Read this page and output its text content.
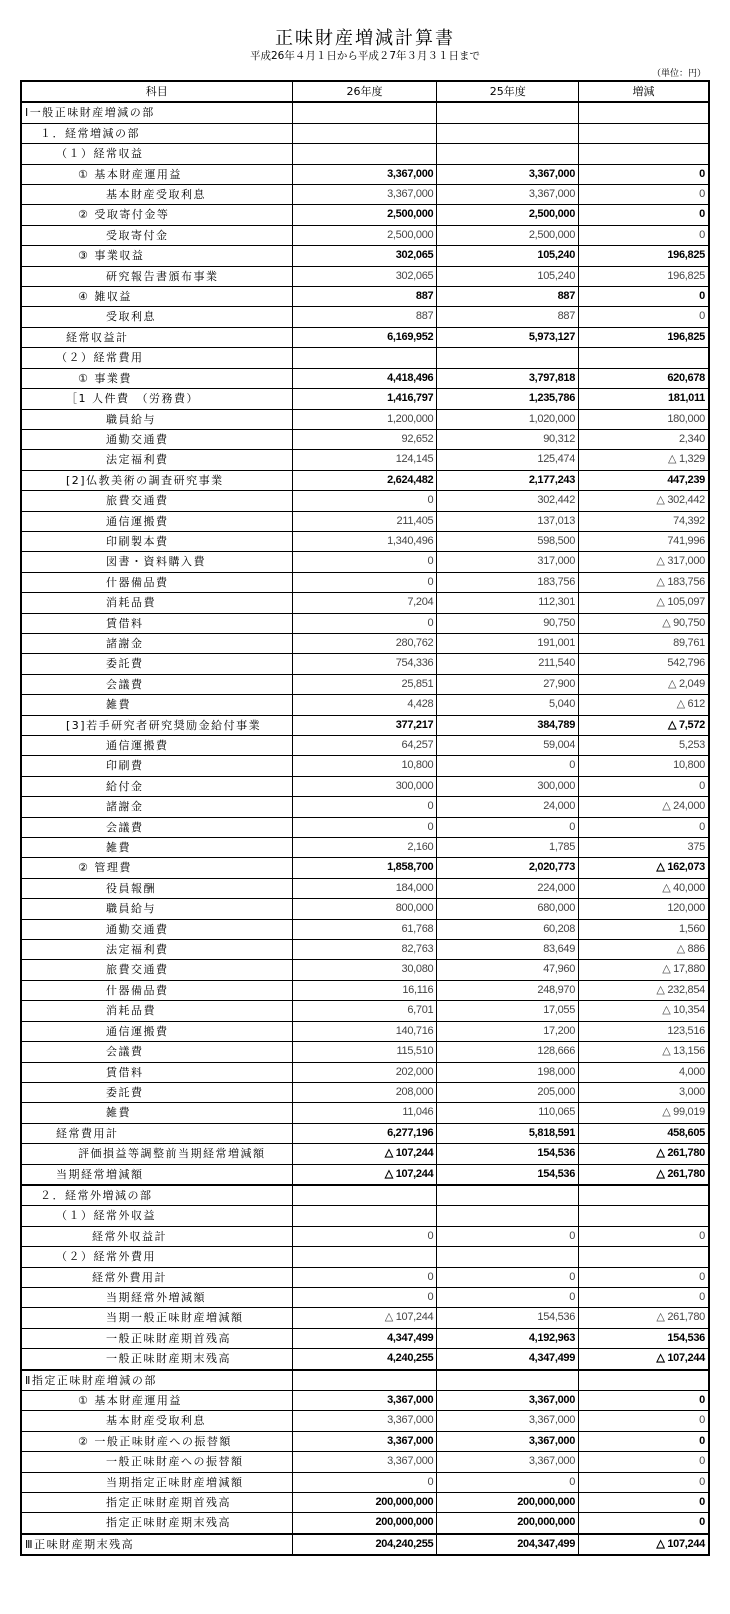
正味財産増減計算書
平成26年４月１日から平成２7年３月３１日まで
（単位：円）
科目	26年度	25年度	増減
Ⅰ一般正味財産増減の部			
１．経常増減の部			
（１）経常収益			
① 基本財産運用益	3,367,000	3,367,000	0
基本財産受取利息	3,367,000	3,367,000	0
② 受取寄付金等	2,500,000	2,500,000	0
受取寄付金	2,500,000	2,500,000	0
③ 事業収益	302,065	105,240	196,825
研究報告書頒布事業	302,065	105,240	196,825
④ 雑収益	887	887	0
受取利息	887	887	0
経常収益計	6,169,952	5,973,127	196,825
（２）経常費用			
① 事業費	4,418,496	3,797,818	620,678
［1 人件費　（労務費）	1,416,797	1,235,786	181,011
職員給与	1,200,000	1,020,000	180,000
通勤交通費	92,652	90,312	2,340
法定福利費	124,145	125,474	△ 1,329
[2]仏教美術の調査研究事業	2,624,482	2,177,243	447,239
旅費交通費	0	302,442	△ 302,442
通信運搬費	211,405	137,013	74,392
印刷製本費	1,340,496	598,500	741,996
図書・資料購入費	0	317,000	△ 317,000
什器備品費	0	183,756	△ 183,756
消耗品費	7,204	112,301	△ 105,097
賃借料	0	90,750	△ 90,750
諸謝金	280,762	191,001	89,761
委託費	754,336	211,540	542,796
会議費	25,851	27,900	△ 2,049
雑費	4,428	5,040	△ 612
[3]若手研究者研究奨励金給付事業	377,217	384,789	△ 7,572
通信運搬費	64,257	59,004	5,253
印刷費	10,800	0	10,800
給付金	300,000	300,000	0
諸謝金	0	24,000	△ 24,000
会議費	0	0	0
雑費	2,160	1,785	375
② 管理費	1,858,700	2,020,773	△ 162,073
役員報酬	184,000	224,000	△ 40,000
職員給与	800,000	680,000	120,000
通勤交通費	61,768	60,208	1,560
法定福利費	82,763	83,649	△ 886
旅費交通費	30,080	47,960	△ 17,880
什器備品費	16,116	248,970	△ 232,854
消耗品費	6,701	17,055	△ 10,354
通信運搬費	140,716	17,200	123,516
会議費	115,510	128,666	△ 13,156
賃借料	202,000	198,000	4,000
委託費	208,000	205,000	3,000
雑費	11,046	110,065	△ 99,019
経常費用計	6,277,196	5,818,591	458,605
評価損益等調整前当期経常増減額	△ 107,244	154,536	△ 261,780
当期経常増減額	△ 107,244	154,536	△ 261,780
２．経常外増減の部			
（１）経常外収益			
経常外収益計	0	0	0
（２）経常外費用			
経常外費用計	0	0	0
当期経常外増減額	0	0	0
当期一般正味財産増減額	△ 107,244	154,536	△ 261,780
一般正味財産期首残高	4,347,499	4,192,963	154,536
一般正味財産期末残高	4,240,255	4,347,499	△ 107,244
Ⅱ指定正味財産増減の部			
① 基本財産運用益	3,367,000	3,367,000	0
基本財産受取利息	3,367,000	3,367,000	0
② 一般正味財産への振替額	3,367,000	3,367,000	0
一般正味財産への振替額	3,367,000	3,367,000	0
当期指定正味財産増減額	0	0	0
指定正味財産期首残高	200,000,000	200,000,000	0
指定正味財産期末残高	200,000,000	200,000,000	0
Ⅲ正味財産期末残高	204,240,255	204,347,499	△ 107,244
